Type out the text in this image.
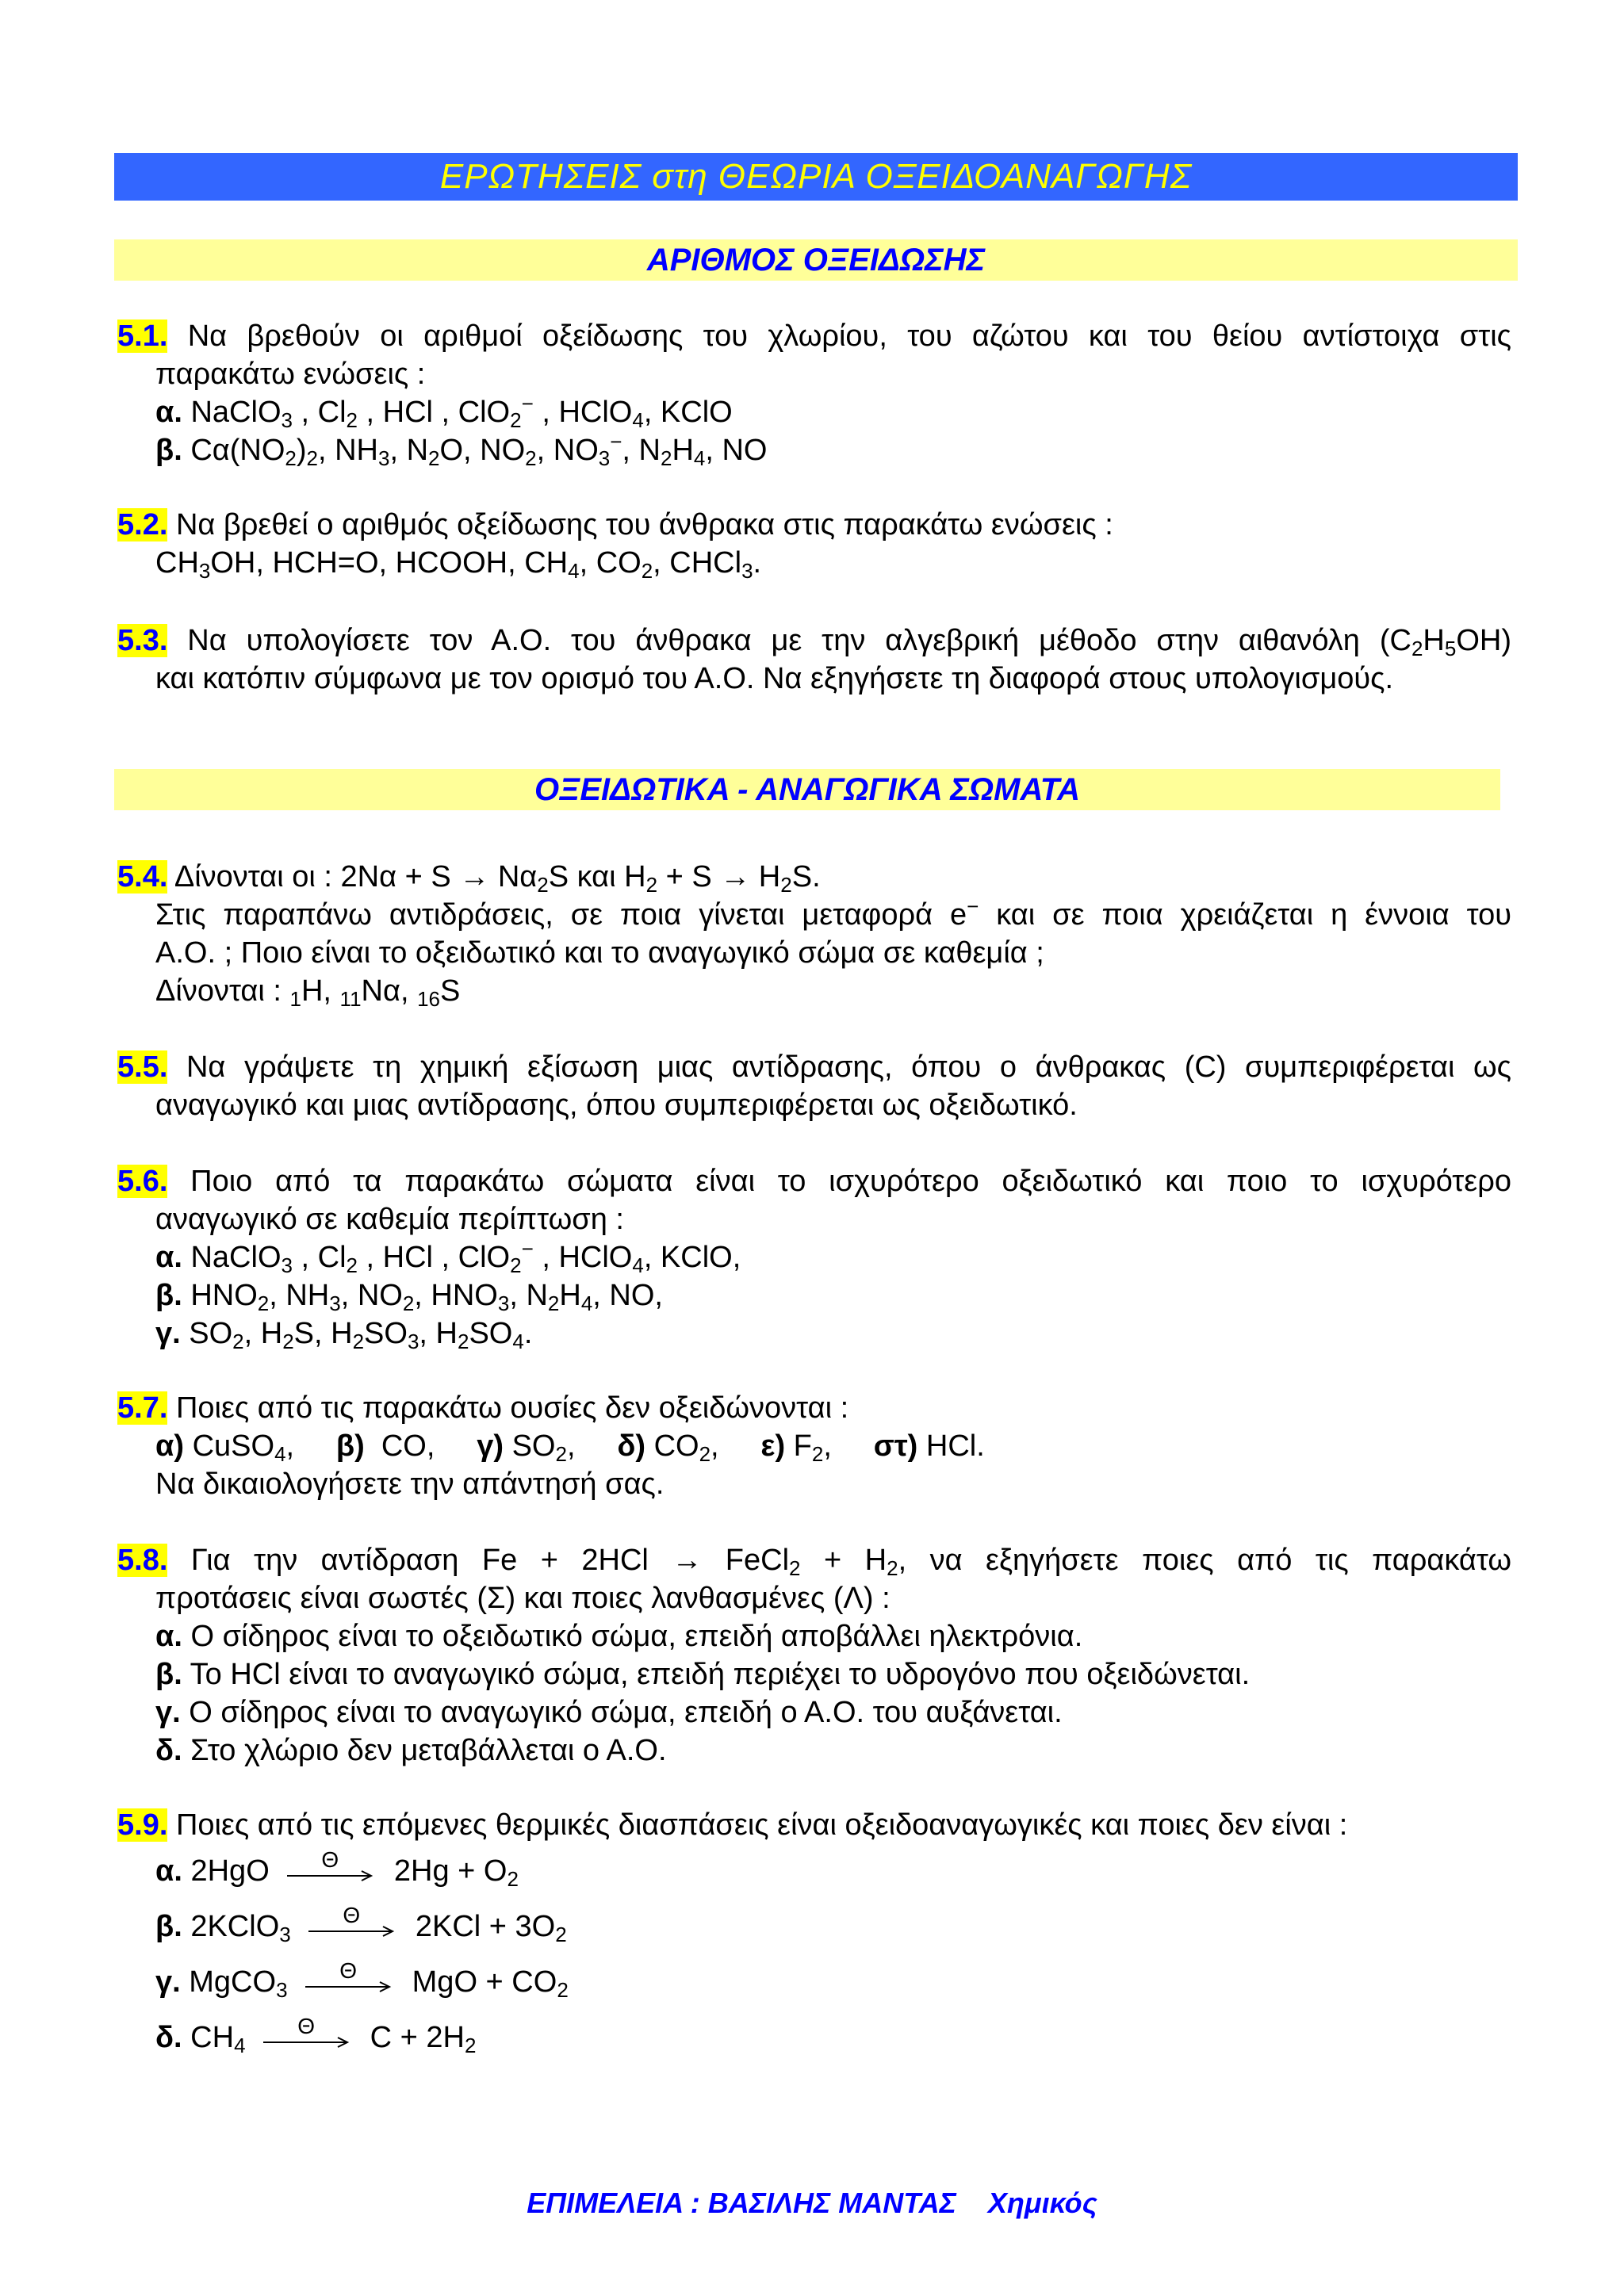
ΕΡΩΤΗΣΕΙΣ στη ΘΕΩΡΙΑ ΟΞΕΙΔΟΑΝΑΓΩΓΗΣ
ΑΡΙΘΜΟΣ ΟΞΕΙΔΩΣΗΣ
5.1. Να βρεθούν οι αριθμοί οξείδωσης του χλωρίου, του αζώτου και του θείου αντίστοιχα στις
παρακάτω ενώσεις :
α. NaClO$_3$ , $Cl_2$ , HCl , ClO$_2$− , HClO$_4$, KClO
β. $C\alpha(NO_2)_2$, $NH_3$, $N_2O$, $NO_2$, $NO_3^-$, $N_2H_4$, NO
5.2. Να βρεθεί ο αριθμός οξείδωσης του άνθρακα στις παρακάτω ενώσεις :
$CH_3OH$, HCH=O, HCOOH, $CH_4$, $CO_2$, CHCl$_3$.
5.3. Να υπολογίσετε τον Α.Ο. του άνθρακα με την αλγεβρική μέθοδο στην αιθανόλη $(C_2H_5OH)$
και κατόπιν σύμφωνα με τον ορισμό του Α.Ο. Να εξηγήσετε τη διαφορά στους υπολογισμούς.
ΟΞΕΙΔΩΤΙΚΑ - ΑΝΑΓΩΓΙΚΑ ΣΩΜΑΤΑ
5.4. Δίνονται οι : $2N\alpha + S \to N\alpha_2S$ και $H_2 + S \to H_2S$.
Στις παραπάνω αντιδράσεις, σε ποια γίνεται μεταφορά e− και σε ποια χρειάζεται η έννοια του
Α.Ο. ; Ποιο είναι το οξειδωτικό και το αναγωγικό σώμα σε καθεμία ;
Δίνονται : $_1$H, $_{11}$Να, $_{16}$S
5.5. Να γράψετε τη χημική εξίσωση μιας αντίδρασης, όπου ο άνθρακας (C) συμπεριφέρεται ως
αναγωγικό και μιας αντίδρασης, όπου συμπεριφέρεται ως οξειδωτικό.
5.6. Ποιο από τα παρακάτω σώματα είναι το ισχυρότερο οξειδωτικό και ποιο το ισχυρότερο
αναγωγικό σε καθεμία περίπτωση :
α. NaClO$_3$ , $Cl_2$ , HCl , ClO$_2$− , HClO$_4$, KClO,
β. $HNO_2$, $NH_3$, $NO_2$, $HNO_3$, $N_2H_4$, NO,
γ. $SO_2$, $H_2S$, $H_2SO_3$, $H_2SO_4$.
5.7. Ποιες από τις παρακάτω ουσίες δεν οξειδώνονται :
α) CuSO$_4$,     β)  CO,     γ) $SO_2$,     δ) $CO_2$,     ε) $F_2$,     στ) HCl.
Να δικαιολογήσετε την απάντησή σας.
5.8. Για την αντίδραση Fe + 2HCl → FeCl$_2$ + $H_2$, να εξηγήσετε ποιες από τις παρακάτω
προτάσεις είναι σωστές (Σ) και ποιες λανθασμένες (Λ) :
α. Ο σίδηρος είναι το οξειδωτικό σώμα, επειδή αποβάλλει ηλεκτρόνια.
β. Το HCl είναι το αναγωγικό σώμα, επειδή περιέχει το υδρογόνο που οξειδώνεται.
γ. Ο σίδηρος είναι το αναγωγικό σώμα, επειδή ο Α.Ο. του αυξάνεται.
δ. Στο χλώριο δεν μεταβάλλεται ο Α.Ο.
5.9. Ποιες από τις επόμενες θερμικές διασπάσεις είναι οξειδοαναγωγικές και ποιες δεν είναι :
α. 2HgO	Θ	$2Hg + O_2$
β. 2KClO$_3$
Θ	$2KCl + 3O_2$
γ. MgCO$_3$
Θ	MgO + $CO_2$
δ. $CH_4$
Θ	$C + 2H_2$
ΕΠΙΜΕΛΕΙΑ : ΒΑΣΙΛΗΣ ΜΑΝΤΑΣ    Χημικός
